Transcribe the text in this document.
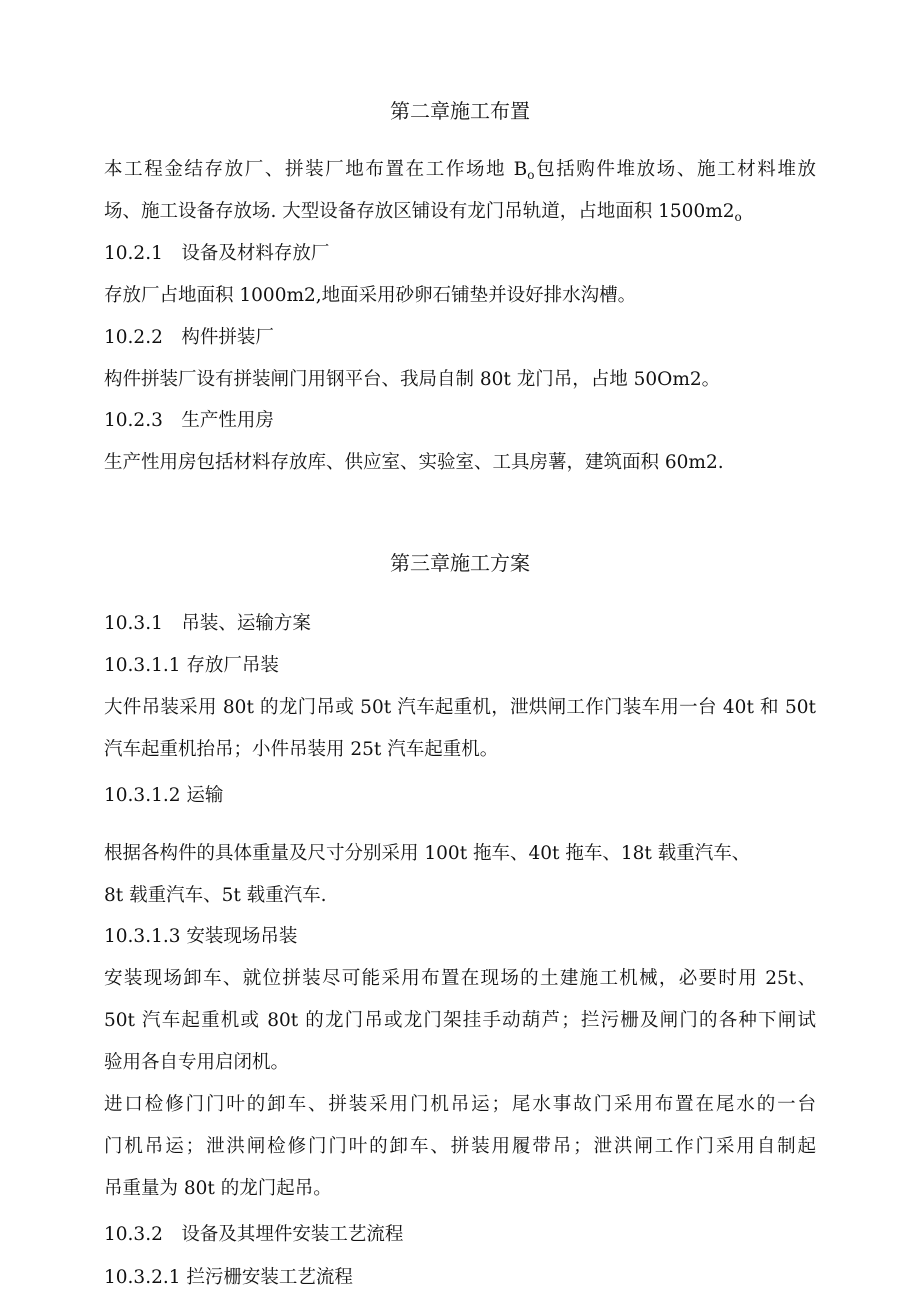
第二章施工布置
本工程金结存放厂、拼装厂地布置在工作场地 $B_o$包括购件堆放场、施工材料堆放
场、施工设备存放场. 大型设备存放区铺设有龙门吊轨道，占地面积 $1500m2_o$
10.2.1　设备及材料存放厂
存放厂占地面积 1000m2,地面采用砂卵石铺垫并设好排水沟槽。
10.2.2　构件拼装厂
构件拼装厂设有拼装闸门用钢平台、我局自制 80t 龙门吊，占地 50Om2。
10.2.3　生产性用房
生产性用房包括材料存放库、供应室、实验室、工具房薯，建筑面积 60m2.
第三章施工方案
10.3.1　吊装、运输方案
10.3.1.1 存放厂吊装
大件吊装采用 80t 的龙门吊或 50t 汽车起重机，泄烘闸工作门装车用一台 40t 和 50t
汽车起重机抬吊；小件吊装用 25t 汽车起重机。
10.3.1.2 运输
根据各构件的具体重量及尺寸分别采用 100t 拖车、40t 拖车、18t 载重汽车、
8t 载重汽车、5t 载重汽车.
10.3.1.3 安装现场吊装
安装现场卸车、就位拼装尽可能采用布置在现场的土建施工机械，必要时用 25t、
50t 汽车起重机或 80t 的龙门吊或龙门架挂手动葫芦；拦污栅及闸门的各种下闸试
验用各自专用启闭机。
进口检修门门叶的卸车、拼装采用门机吊运；尾水事故门采用布置在尾水的一台
门机吊运；泄洪闸检修门门叶的卸车、拼装用履带吊；泄洪闸工作门采用自制起
吊重量为 80t 的龙门起吊。
10.3.2　设备及其埋件安装工艺流程
10.3.2.1 拦污栅安装工艺流程
